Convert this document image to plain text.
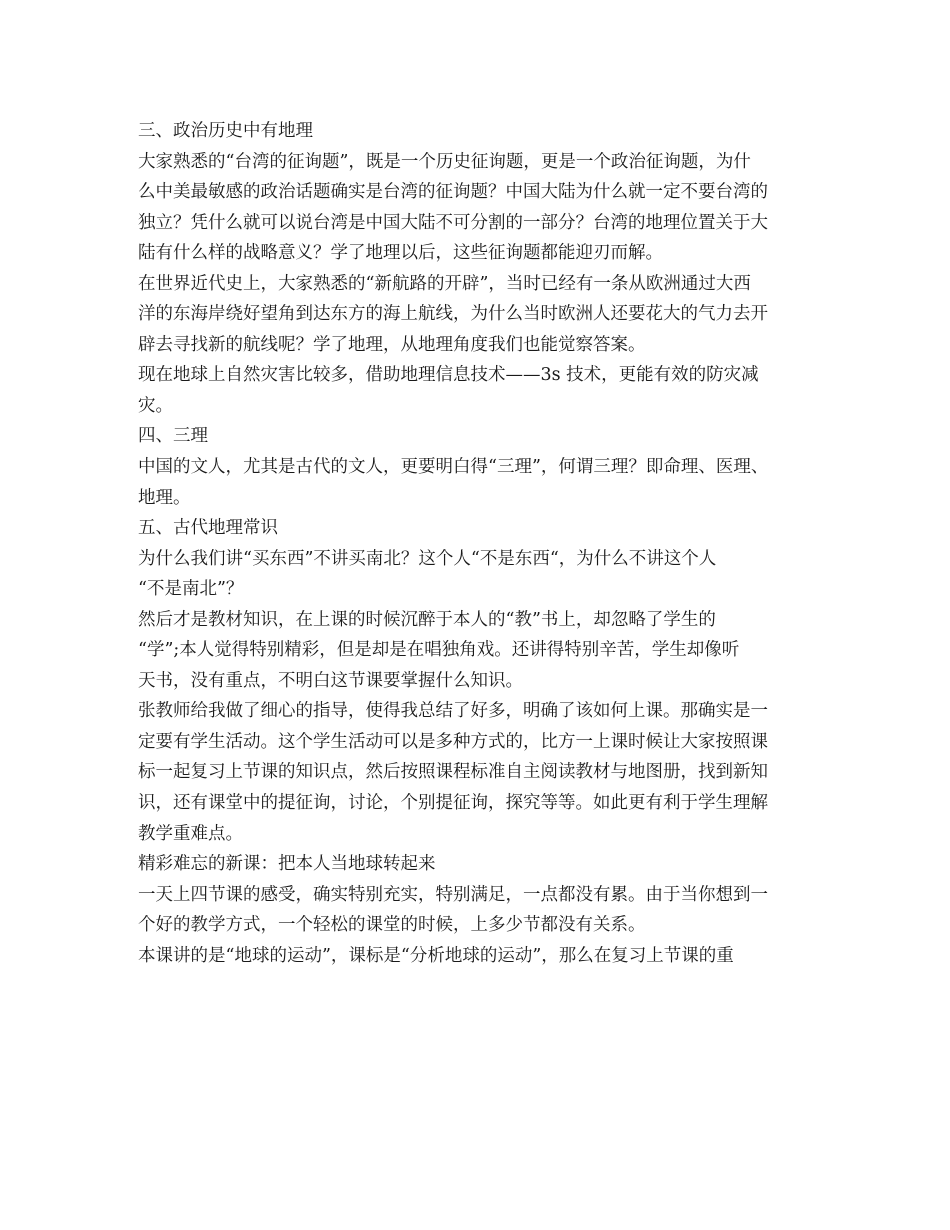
三、政治历史中有地理
大家熟悉的“台湾的征询题”，既是一个历史征询题，更是一个政治征询题，为什
么中美最敏感的政治话题确实是台湾的征询题？中国大陆为什么就一定不要台湾的
独立？凭什么就可以说台湾是中国大陆不可分割的一部分？台湾的地理位置关于大
陆有什么样的战略意义？学了地理以后，这些征询题都能迎刃而解。
在世界近代史上，大家熟悉的“新航路的开辟”，当时已经有一条从欧洲通过大西
洋的东海岸绕好望角到达东方的海上航线，为什么当时欧洲人还要花大的气力去开
辟去寻找新的航线呢？学了地理，从地理角度我们也能觉察答案。
现在地球上自然灾害比较多，借助地理信息技术——3s 技术，更能有效的防灾减
灾。
四、三理
中国的文人，尤其是古代的文人，更要明白得“三理”，何谓三理？即命理、医理、
地理。
五、古代地理常识
为什么我们讲“买东西”不讲买南北？这个人“不是东西“，为什么不讲这个人
“不是南北”？
然后才是教材知识，在上课的时候沉醉于本人的“教”书上，却忽略了学生的
“学”;本人觉得特别精彩，但是却是在唱独角戏。还讲得特别辛苦，学生却像听
天书，没有重点，不明白这节课要掌握什么知识。
张教师给我做了细心的指导，使得我总结了好多，明确了该如何上课。那确实是一
定要有学生活动。这个学生活动可以是多种方式的，比方一上课时候让大家按照课
标一起复习上节课的知识点，然后按照课程标准自主阅读教材与地图册，找到新知
识，还有课堂中的提征询，讨论，个别提征询，探究等等。如此更有利于学生理解
教学重难点。
精彩难忘的新课：把本人当地球转起来
一天上四节课的感受，确实特别充实，特别满足，一点都没有累。由于当你想到一
个好的教学方式，一个轻松的课堂的时候，上多少节都没有关系。
本课讲的是“地球的运动”，课标是“分析地球的运动”，那么在复习上节课的重
